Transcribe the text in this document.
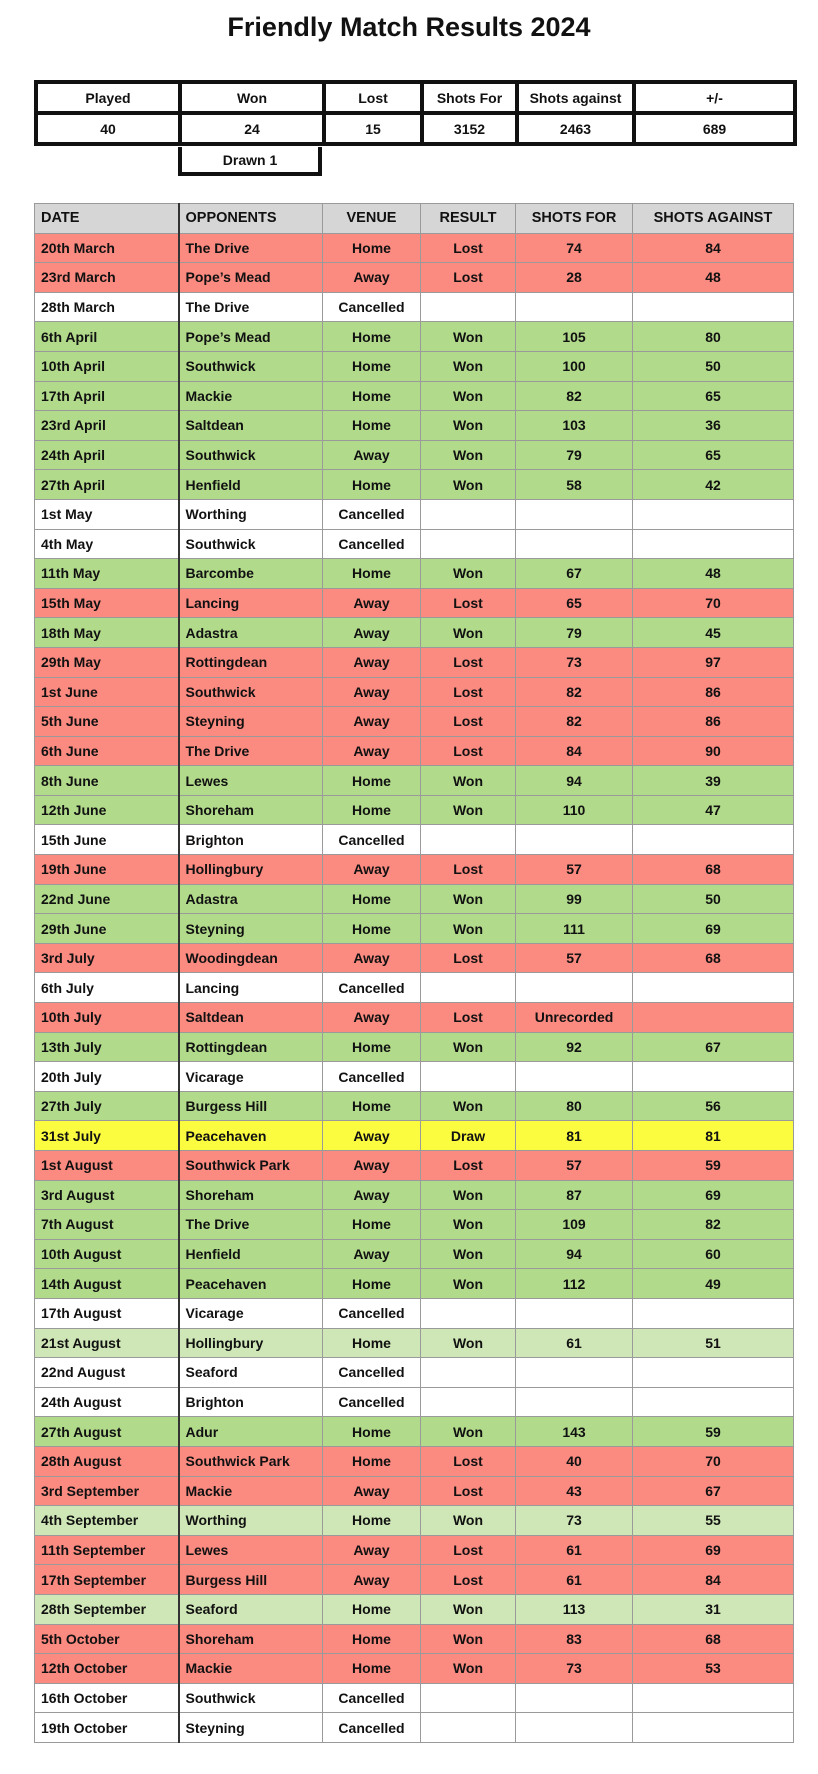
Friendly Match Results 2024
Played	Won	Lost	Shots For	Shots against	+/-
40	24	15	3152	2463	689
Drawn 1
DATE	OPPONENTS	VENUE	RESULT	SHOTS FOR	SHOTS AGAINST
20th March	The Drive	Home	Lost	74	84
23rd March	Pope’s Mead	Away	Lost	28	48
28th March	The Drive	Cancelled			
6th April	Pope’s Mead	Home	Won	105	80
10th April	Southwick	Home	Won	100	50
17th April	Mackie	Home	Won	82	65
23rd April	Saltdean	Home	Won	103	36
24th April	Southwick	Away	Won	79	65
27th April	Henfield	Home	Won	58	42
1st May	Worthing	Cancelled			
4th May	Southwick	Cancelled			
11th May	Barcombe	Home	Won	67	48
15th May	Lancing	Away	Lost	65	70
18th May	Adastra	Away	Won	79	45
29th May	Rottingdean	Away	Lost	73	97
1st June	Southwick	Away	Lost	82	86
5th June	Steyning	Away	Lost	82	86
6th June	The Drive	Away	Lost	84	90
8th June	Lewes	Home	Won	94	39
12th June	Shoreham	Home	Won	110	47
15th June	Brighton	Cancelled			
19th June	Hollingbury	Away	Lost	57	68
22nd June	Adastra	Home	Won	99	50
29th June	Steyning	Home	Won	111	69
3rd July	Woodingdean	Away	Lost	57	68
6th July	Lancing	Cancelled			
10th July	Saltdean	Away	Lost	Unrecorded	
13th July	Rottingdean	Home	Won	92	67
20th July	Vicarage	Cancelled			
27th July	Burgess Hill	Home	Won	80	56
31st July	Peacehaven	Away	Draw	81	81
1st August	Southwick Park	Away	Lost	57	59
3rd August	Shoreham	Away	Won	87	69
7th August	The Drive	Home	Won	109	82
10th August	Henfield	Away	Won	94	60
14th August	Peacehaven	Home	Won	112	49
17th August	Vicarage	Cancelled			
21st August	Hollingbury	Home	Won	61	51
22nd August	Seaford	Cancelled			
24th August	Brighton	Cancelled			
27th August	Adur	Home	Won	143	59
28th August	Southwick Park	Home	Lost	40	70
3rd September	Mackie	Away	Lost	43	67
4th September	Worthing	Home	Won	73	55
11th September	Lewes	Away	Lost	61	69
17th September	Burgess Hill	Away	Lost	61	84
28th September	Seaford	Home	Won	113	31
5th October	Shoreham	Home	Won	83	68
12th October	Mackie	Home	Won	73	53
16th October	Southwick	Cancelled			
19th October	Steyning	Cancelled			
